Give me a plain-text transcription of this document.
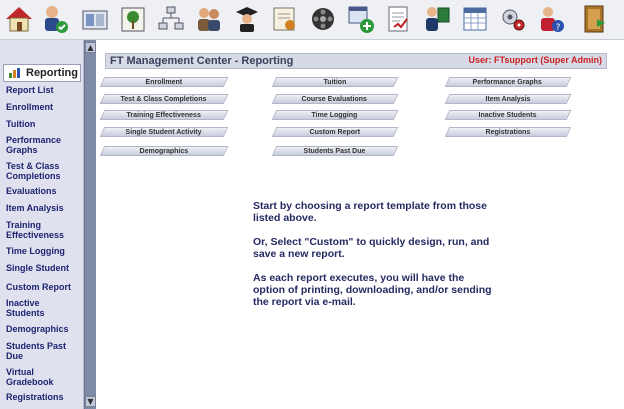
?
Reporting
Report List
Enrollment
Tuition
Performance Graphs
Test & Class Completions
Evaluations
Item Analysis
Training Effectiveness
Time Logging
Single Student
Custom Report
Inactive Students
Demographics
Students Past Due
Virtual Gradebook
Registrations
▲
▼
FT Management Center - Reporting	User: FTsupport (Super Admin)
Enrollment
Test & Class Completions
Training Effectiveness
Single Student Activity
Demographics
Tuition
Course Evaluations
Time Logging
Custom Report
Students Past Due
Performance Graphs
Item Analysis
Inactive Students
Registrations

Start by choosing a report template from those listed above.

Or, Select "Custom" to quickly design, run, and save a new report.

As each report executes, you will have the option of printing, downloading, and/or sending the report via e-mail.
